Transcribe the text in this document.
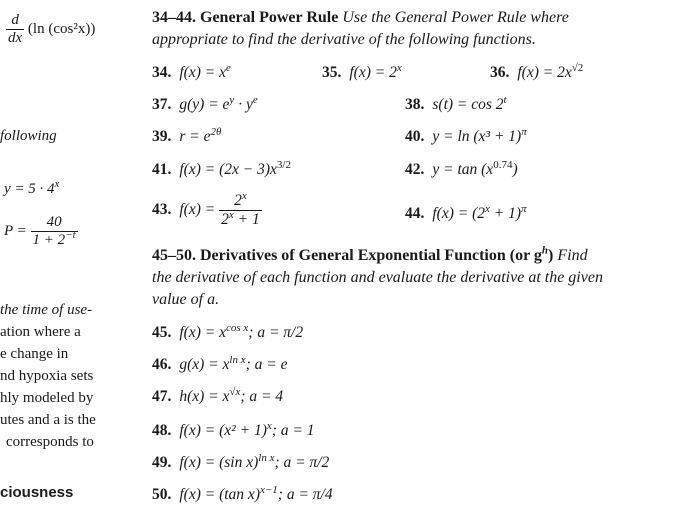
$\frac{d}{dx} (\ln$ (cos²x))
following
$y = 5 \cdot 4^x$
$P = \frac{40}{1 + 2^{-t}}$
the time of use-
ation where a
e change in
nd hypoxia sets
hly modeled by
utes and a is the
corresponds to
ciousness
34–44. General Power Rule Use the General Power Rule where
appropriate to find the derivative of the following functions.
34. $f(x) = x^e$	35. $f(x) = 2^x$	36. $f(x) = 2x^{√2}$
37. $g(y) = e^y \cdot y^e$	38. s(t) = cos 2$^t$
39. $r = e^{2\theta}$	40. $y = \ln (x^3 + 1)^\pi$
41. $f(x) = (2x - 3)x^{3/2}$	42. $y = \tan (x^{0.74})$
43. $f(x) = \frac{2^x}{2^x + 1}$	44. $f(x) = (2^x + 1)^\pi$
45–50. Derivatives of General Exponential Function (or $g^h$) Find
the derivative of each function and evaluate the derivative at the given
value of a.
45. $f(x) = x^{cos x}$; a = π/2
46. $g(x) = x^{ln x}$; a = e
47. $h(x) = x^{√x}$; a = 4
48. $f(x) = (x^2 + 1)^x$; a = 1
49. f(x) = (sin x)$^{ln x}$; a = π/2
50. f(x) = (tan x)$^{x-1}$; a = π/4
